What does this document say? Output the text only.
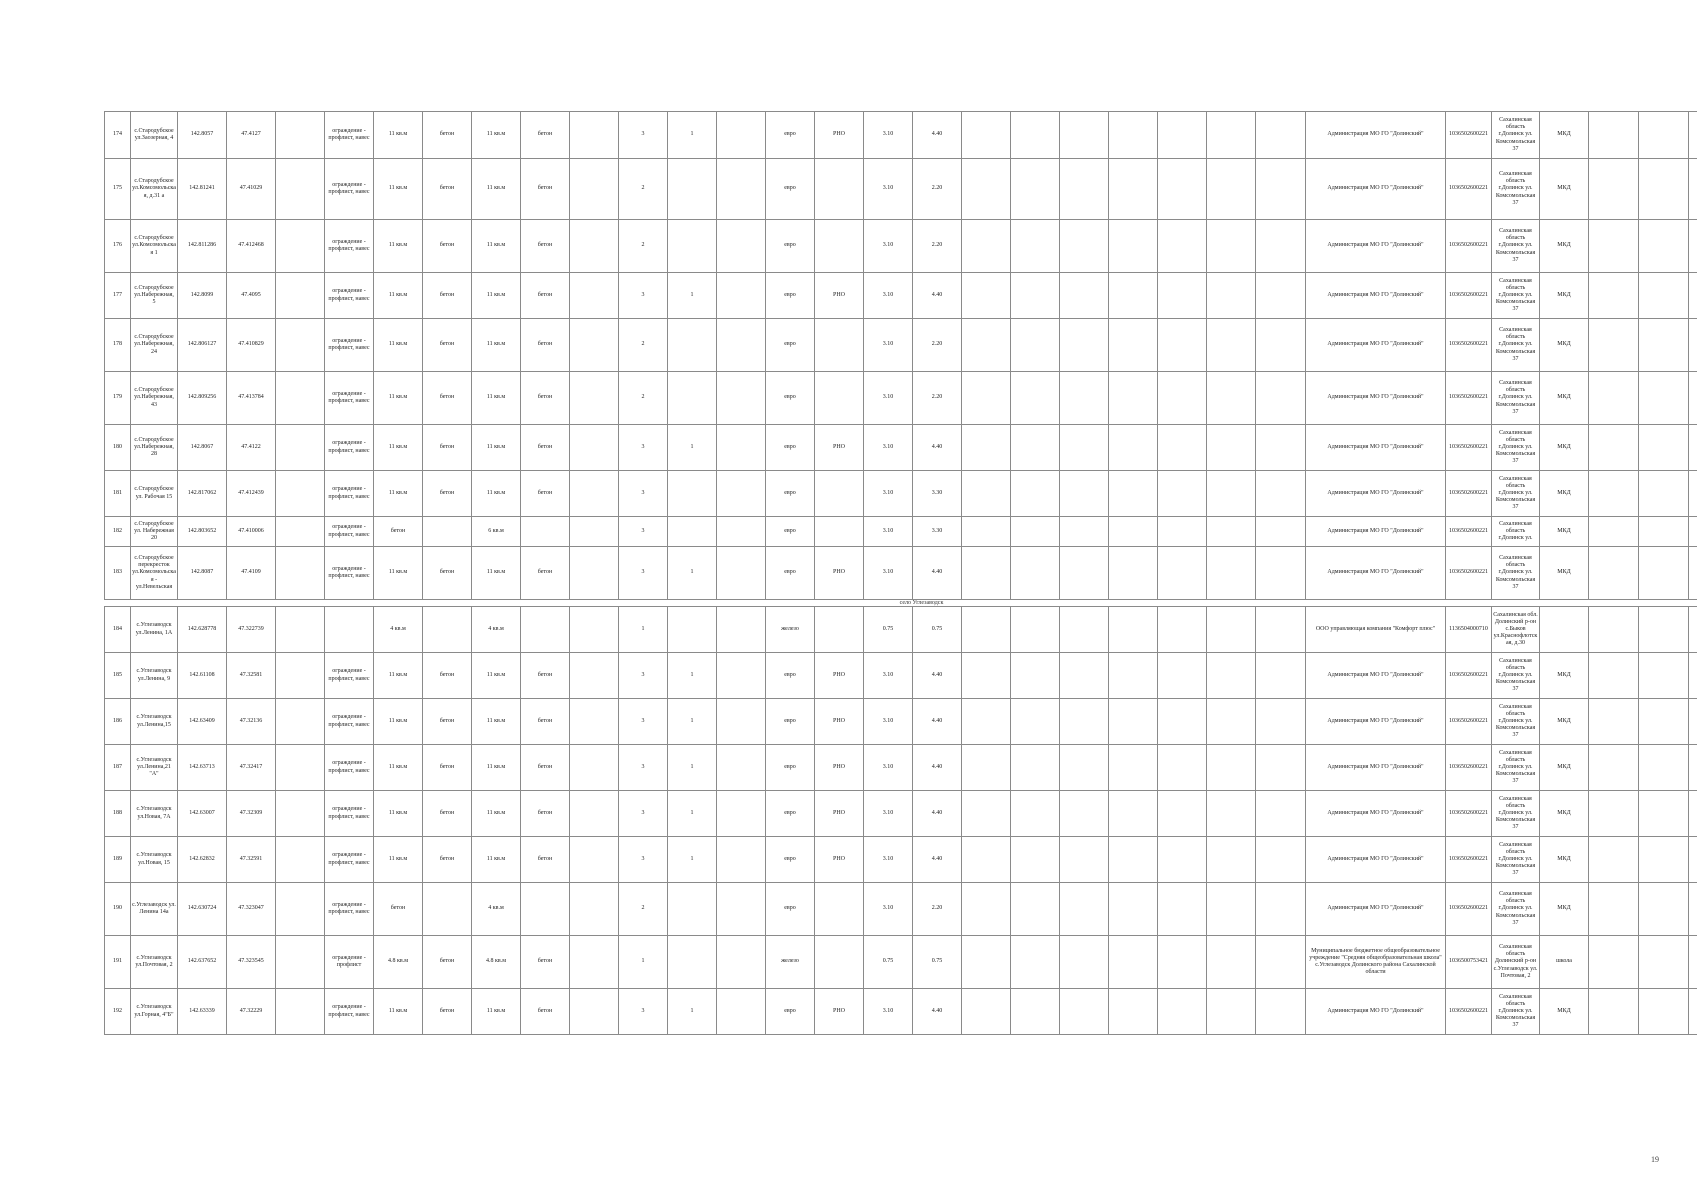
174	с.Стародубское ул.Заозерная, 4	142.8057	47.4127		ограждение - профлист, навес	11 кв.м	бетон	11 кв.м	бетон		3	1		евро	РНО	3.10	4.40								Администрация МО ГО "Долинский"	1036502600221	Сахалинская область г.Долинск ул. Комсомольская 37	МКД			
175	с.Стародубское ул.Комсомольская, д.31 а	142.81241	47.41029		ограждение - профлист, навес	11 кв.м	бетон	11 кв.м	бетон		2			евро		3.10	2.20								Администрация МО ГО "Долинский"	1036502600221	Сахалинская область г.Долинск ул. Комсомольская 37	МКД			
176	с.Стародубское ул.Комсомольская 1	142.811286	47.412468		ограждение - профлист, навес	11 кв.м	бетон	11 кв.м	бетон		2			евро		3.10	2.20								Администрация МО ГО "Долинский"	1036502600221	Сахалинская область г.Долинск ул. Комсомольская 37	МКД			
177	с.Стародубское ул.Набережная, 5	142.8099	47.4095		ограждение - профлист, навес	11 кв.м	бетон	11 кв.м	бетон		3	1		евро	РНО	3.10	4.40								Администрация МО ГО "Долинский"	1036502600221	Сахалинская область г.Долинск ул. Комсомольская 37	МКД			
178	с.Стародубское ул.Набережная, 24	142.806127	47.410829		ограждение - профлист, навес	11 кв.м	бетон	11 кв.м	бетон		2			евро		3.10	2.20								Администрация МО ГО "Долинский"	1036502600221	Сахалинская область г.Долинск ул. Комсомольская 37	МКД			
179	с.Стародубское ул.Набережная, 43	142.809256	47.413784		ограждение - профлист, навес	11 кв.м	бетон	11 кв.м	бетон		2			евро		3.10	2.20								Администрация МО ГО "Долинский"	1036502600221	Сахалинская область г.Долинск ул. Комсомольская 37	МКД			
180	с.Стародубское ул.Набережная, 28	142.8067	47.4122		ограждение - профлист, навес	11 кв.м	бетон	11 кв.м	бетон		3	1		евро	РНО	3.10	4.40								Администрация МО ГО "Долинский"	1036502600221	Сахалинская область г.Долинск ул. Комсомольская 37	МКД			
181	с.Стародубское ул. Рабочая 15	142.817062	47.412439		ограждение - профлист, навес	11 кв.м	бетон	11 кв.м	бетон		3			евро		3.10	3.30								Администрация МО ГО "Долинский"	1036502600221	Сахалинская область г.Долинск ул. Комсомольская 37	МКД			
182	с.Стародубское ул. Набережная 20	142.803652	47.410006		ограждение - профлист, навес	бетон		6 кв.м			3			евро		3.10	3.30								Администрация МО ГО "Долинский"	1036502600221	Сахалинская область г.Долинск ул.	МКД			
183	с.Стародубское перекресток ул.Комсомольская - ул.Невельская	142.8087	47.4109		ограждение - профлист, навес	11 кв.м	бетон	11 кв.м	бетон		3	1		евро	РНО	3.10	4.40								Администрация МО ГО "Долинский"	1036502600221	Сахалинская область г.Долинск ул. Комсомольская 37	МКД			
село Углезаводск																															
184	с.Углезаводск ул.Ленина, 1А	142.628778	47.322739			4 кв.м		4 кв.м			1			железо		0.75	0.75								ООО управляющая компания "Комфорт плюс"	1136504000710	Сахалинская обл. Долинский р-он с.Быков ул.Краснофлотская, д.30				
185	с.Углезаводск ул.Ленина, 9	142.61108	47.32581		ограждение - профлист, навес	11 кв.м	бетон	11 кв.м	бетон		3	1		евро	РНО	3.10	4.40								Администрация МО ГО "Долинский"	1036502600221	Сахалинская область г.Долинск ул. Комсомольская 37	МКД			
186	с.Углезаводск ул.Ленина,15	142.63409	47.32136		ограждение - профлист, навес	11 кв.м	бетон	11 кв.м	бетон		3	1		евро	РНО	3.10	4.40								Администрация МО ГО "Долинский"	1036502600221	Сахалинская область г.Долинск ул. Комсомольская 37	МКД			
187	с.Углезаводск ул.Ленина,21 "А"	142.63713	47.32417		ограждение - профлист, навес	11 кв.м	бетон	11 кв.м	бетон		3	1		евро	РНО	3.10	4.40								Администрация МО ГО "Долинский"	1036502600221	Сахалинская область г.Долинск ул. Комсомольская 37	МКД			
188	с.Углезаводск ул.Новая, 7А	142.63007	47.32309		ограждение - профлист, навес	11 кв.м	бетон	11 кв.м	бетон		3	1		евро	РНО	3.10	4.40								Администрация МО ГО "Долинский"	1036502600221	Сахалинская область г.Долинск ул. Комсомольская 37	МКД			
189	с.Углезаводск ул.Новая, 15	142.62832	47.32591		ограждение - профлист, навес	11 кв.м	бетон	11 кв.м	бетон		3	1		евро	РНО	3.10	4.40								Администрация МО ГО "Долинский"	1036502600221	Сахалинская область г.Долинск ул. Комсомольская 37	МКД			
190	с.Углезаводск ул. Ленина 14а	142.630724	47.323047		ограждение - профлист, навес	бетон		4 кв.м			2			евро		3.10	2.20								Администрация МО ГО "Долинский"	1036502600221	Сахалинская область г.Долинск ул. Комсомольская 37	МКД			
191	с.Углезаводск ул.Почтовая, 2	142.637652	47.323545		ограждение - профлист	4.8 кв.м	бетон	4.8 кв.м	бетон		1			железо		0.75	0.75								Муниципальное бюджетное общеобразовательное учреждение "Средняя общеобразовательная школа" с.Углезаводск Долинского района Сахалинской области	1036500753421	Сахалинская область Долинский р-он с.Углезаводск ул. Почтовая, 2	школа			
192	с.Углезаводск ул.Горная, 4"Б"	142.63339	47.32229		ограждение - профлист, навес	11 кв.м	бетон	11 кв.м	бетон		3	1		евро	РНО	3.10	4.40								Администрация МО ГО "Долинский"	1036502600221	Сахалинская область г.Долинск ул. Комсомольская 37	МКД			
19
